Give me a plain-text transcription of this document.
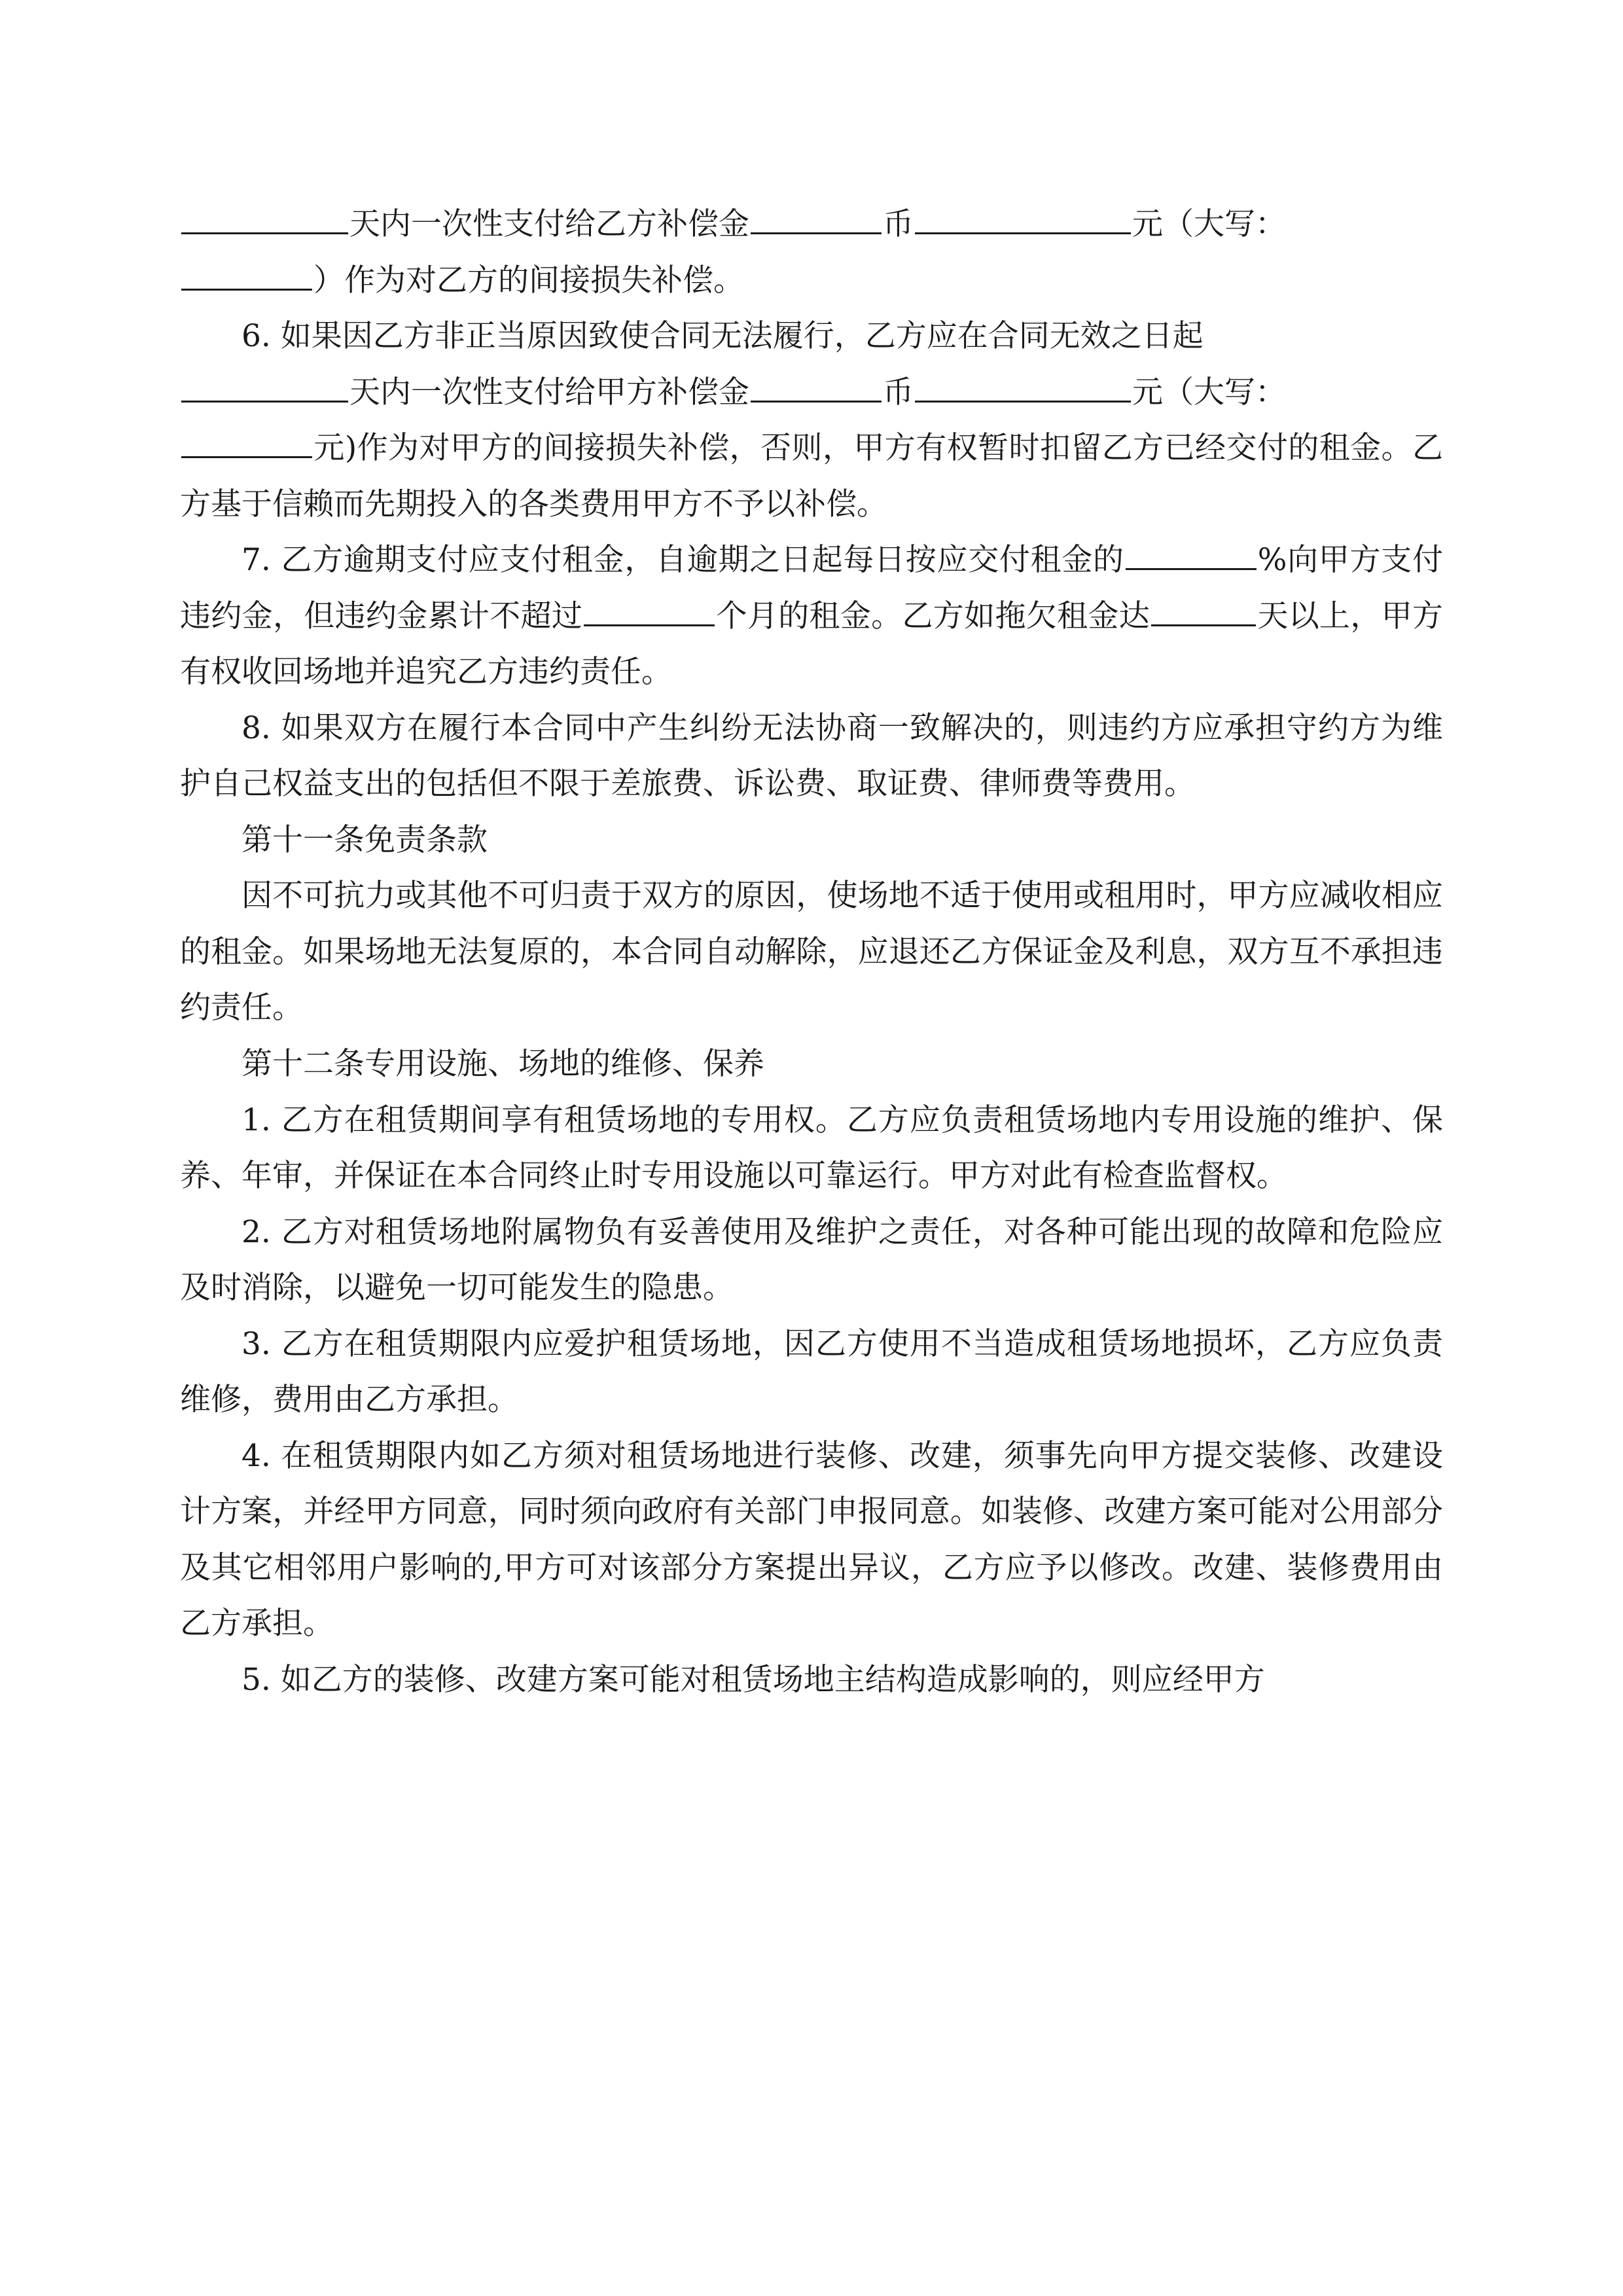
天内一次性支付给乙方补偿金	币	元（大写：

）作为对乙方的间接损失补偿。

6. 如果因乙方非正当原因致使合同无法履行，乙方应在合同无效之日起

天内一次性支付给甲方补偿金	币	元（大写：

元)作为对甲方的间接损失补偿，否则，甲方有权暂时扣留乙方已经交付的租金。乙方基于信赖而先期投入的各类费用甲方不予以补偿。

7. 乙方逾期支付应支付租金，自逾期之日起每日按应交付租金的	%向甲方支付违约金，但违约金累计不超过	个月的租金。乙方如拖欠租金达	天以上，甲方有权收回场地并追究乙方违约责任。

8. 如果双方在履行本合同中产生纠纷无法协商一致解决的，则违约方应承担守约方为维护自己权益支出的包括但不限于差旅费、诉讼费、取证费、律师费等费用。

第十一条免责条款

因不可抗力或其他不可归责于双方的原因，使场地不适于使用或租用时，甲方应减收相应的租金。如果场地无法复原的，本合同自动解除，应退还乙方保证金及利息，双方互不承担违约责任。

第十二条专用设施、场地的维修、保养

1. 乙方在租赁期间享有租赁场地的专用权。乙方应负责租赁场地内专用设施的维护、保养、年审，并保证在本合同终止时专用设施以可靠运行。甲方对此有检查监督权。

2. 乙方对租赁场地附属物负有妥善使用及维护之责任，对各种可能出现的故障和危险应及时消除，以避免一切可能发生的隐患。

3. 乙方在租赁期限内应爱护租赁场地，因乙方使用不当造成租赁场地损坏，乙方应负责维修，费用由乙方承担。

4. 在租赁期限内如乙方须对租赁场地进行装修、改建，须事先向甲方提交装修、改建设计方案，并经甲方同意，同时须向政府有关部门申报同意。如装修、改建方案可能对公用部分及其它相邻用户影响的,甲方可对该部分方案提出异议，乙方应予以修改。改建、装修费用由乙方承担。

5. 如乙方的装修、改建方案可能对租赁场地主结构造成影响的，则应经甲方
